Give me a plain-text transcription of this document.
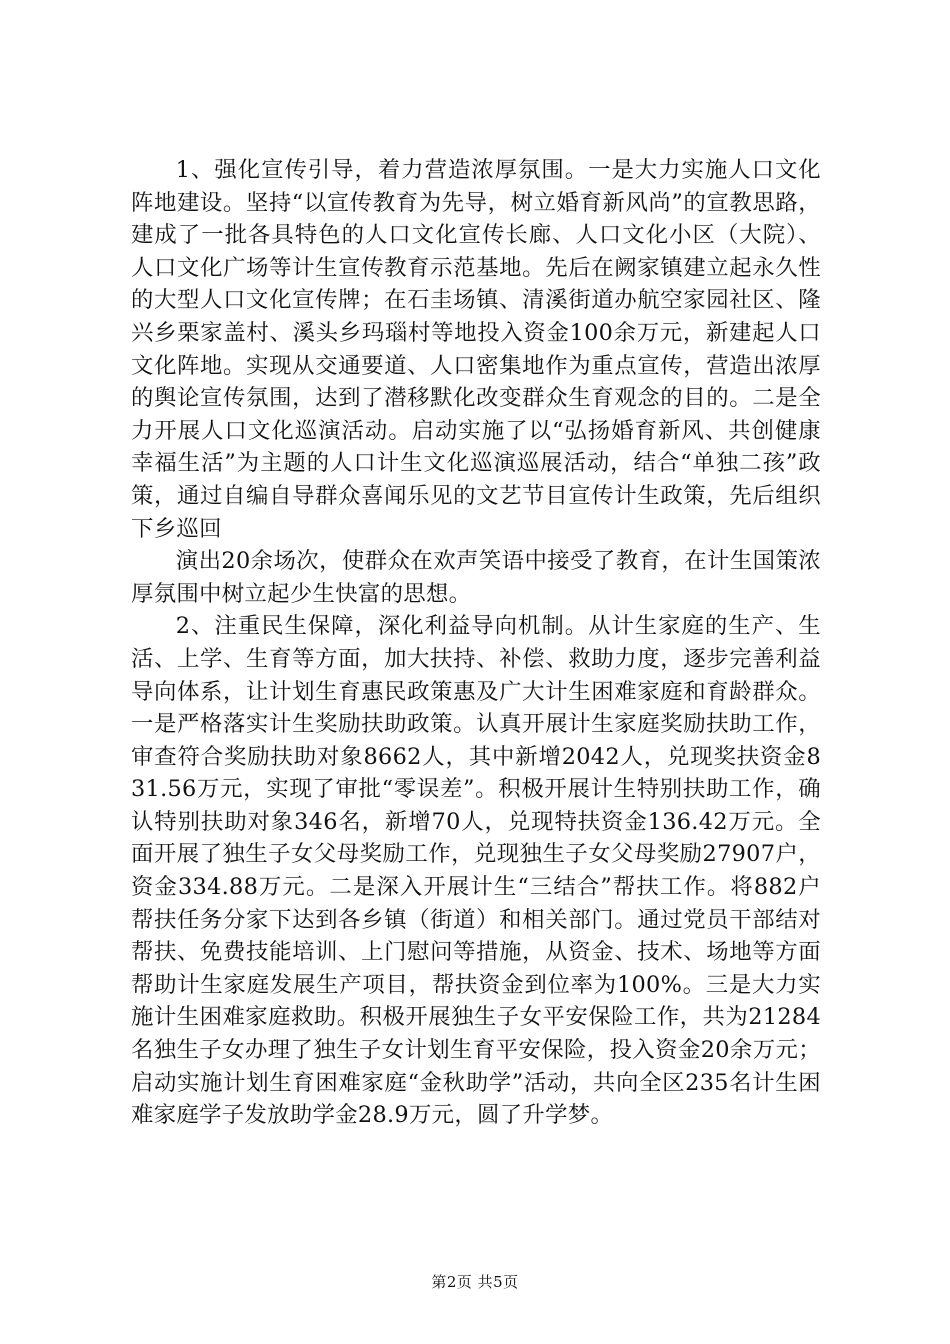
1、强化宣传引导，着力营造浓厚氛围。一是大力实施人口文化阵地建设。坚持“以宣传教育为先导，树立婚育新风尚”的宣教思路，建成了一批各具特色的人口文化宣传长廊、人口文化小区（大院）、人口文化广场等计生宣传教育示范基地。先后在阙家镇建立起永久性的大型人口文化宣传牌；在石圭场镇、清溪街道办航空家园社区、隆兴乡栗家盖村、溪头乡玛瑙村等地投入资金100余万元，新建起人口文化阵地。实现从交通要道、人口密集地作为重点宣传，营造出浓厚的舆论宣传氛围，达到了潜移默化改变群众生育观念的目的。二是全力开展人口文化巡演活动。启动实施了以“弘扬婚育新风、共创健康幸福生活”为主题的人口计生文化巡演巡展活动，结合“单独二孩”政策，通过自编自导群众喜闻乐见的文艺节目宣传计生政策，先后组织下乡巡回

演出20余场次，使群众在欢声笑语中接受了教育，在计生国策浓厚氛围中树立起少生快富的思想。

2、注重民生保障，深化利益导向机制。从计生家庭的生产、生活、上学、生育等方面，加大扶持、补偿、救助力度，逐步完善利益导向体系，让计划生育惠民政策惠及广大计生困难家庭和育龄群众。一是严格落实计生奖励扶助政策。认真开展计生家庭奖励扶助工作，审查符合奖励扶助对象8662人，其中新增2042人，兑现奖扶资金831.56万元，实现了审批“零误差”。积极开展计生特别扶助工作，确认特别扶助对象346名，新增70人，兑现特扶资金136.42万元。全面开展了独生子女父母奖励工作，兑现独生子女父母奖励27907户，资金334.88万元。二是深入开展计生“三结合”帮扶工作。将882户帮扶任务分家下达到各乡镇（街道）和相关部门。通过党员干部结对帮扶、免费技能培训、上门慰问等措施，从资金、技术、场地等方面帮助计生家庭发展生产项目，帮扶资金到位率为100%。三是大力实施计生困难家庭救助。积极开展独生子女平安保险工作，共为21284名独生子女办理了独生子女计划生育平安保险，投入资金20余万元；启动实施计划生育困难家庭“金秋助学”活动，共向全区235名计生困难家庭学子发放助学金28.9万元，圆了升学梦。

第2页 共5页
